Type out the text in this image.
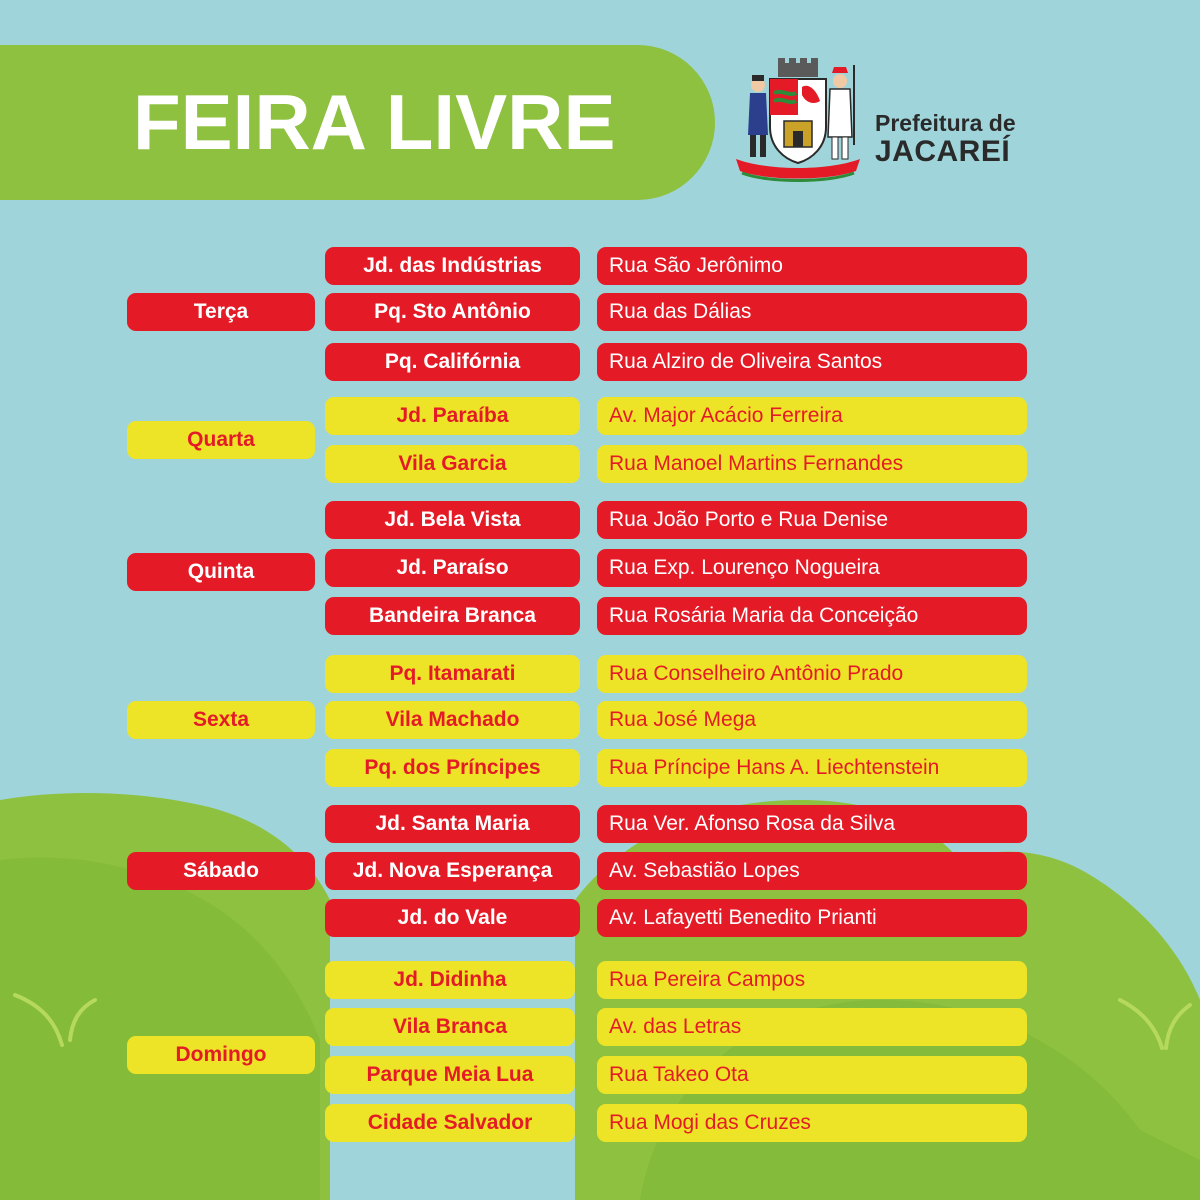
FEIRA LIVRE	Prefeitura de
JACAREÍ
Terça
Jd. das Indústrias	Rua São Jerônimo
Pq. Sto Antônio	Rua das Dálias
Pq. Califórnia	Rua Alziro de Oliveira Santos
Quarta
Jd. Paraíba	Av. Major Acácio Ferreira
Vila Garcia	Rua Manoel Martins Fernandes
Quinta
Jd. Bela Vista	Rua João Porto e Rua Denise
Jd. Paraíso	Rua Exp. Lourenço Nogueira
Bandeira Branca	Rua Rosária Maria da Conceição
Sexta
Pq. Itamarati	Rua Conselheiro Antônio Prado
Vila Machado	Rua José Mega
Pq. dos Príncipes	Rua Príncipe Hans A. Liechtenstein
Sábado
Jd. Santa Maria	Rua Ver. Afonso Rosa da Silva
Jd. Nova Esperança	Av. Sebastião Lopes
Jd. do Vale	Av. Lafayetti Benedito Prianti
Domingo
Jd. Didinha	Rua Pereira Campos
Vila Branca	Av. das Letras
Parque Meia Lua	Rua Takeo Ota
Cidade Salvador	Rua Mogi das Cruzes
